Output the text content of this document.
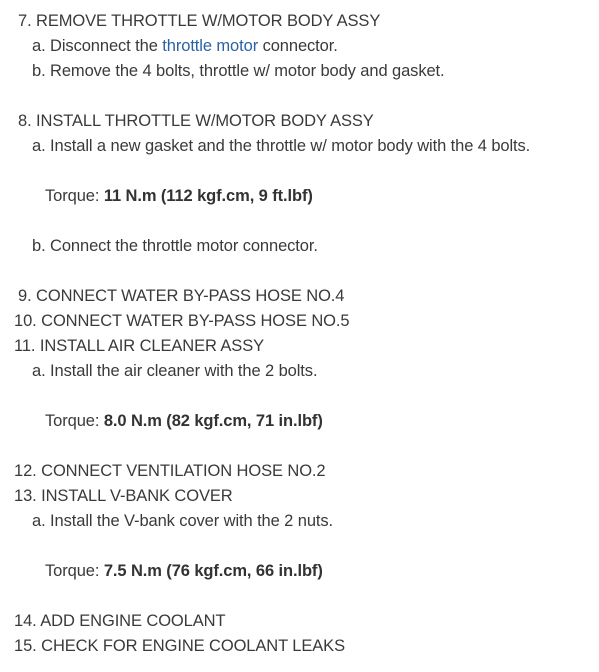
7. REMOVE THROTTLE W/MOTOR BODY ASSY
a. Disconnect the throttle motor connector.
b. Remove the 4 bolts, throttle w/ motor body and gasket.
8. INSTALL THROTTLE W/MOTOR BODY ASSY
a. Install a new gasket and the throttle w/ motor body with the 4 bolts.
Torque: 11 N.m (112 kgf.cm, 9 ft.lbf)
b. Connect the throttle motor connector.
9. CONNECT WATER BY-PASS HOSE NO.4
10. CONNECT WATER BY-PASS HOSE NO.5
11. INSTALL AIR CLEANER ASSY
a. Install the air cleaner with the 2 bolts.
Torque: 8.0 N.m (82 kgf.cm, 71 in.lbf)
12. CONNECT VENTILATION HOSE NO.2
13. INSTALL V-BANK COVER
a. Install the V-bank cover with the 2 nuts.
Torque: 7.5 N.m (76 kgf.cm, 66 in.lbf)
14. ADD ENGINE COOLANT
15. CHECK FOR ENGINE COOLANT LEAKS
